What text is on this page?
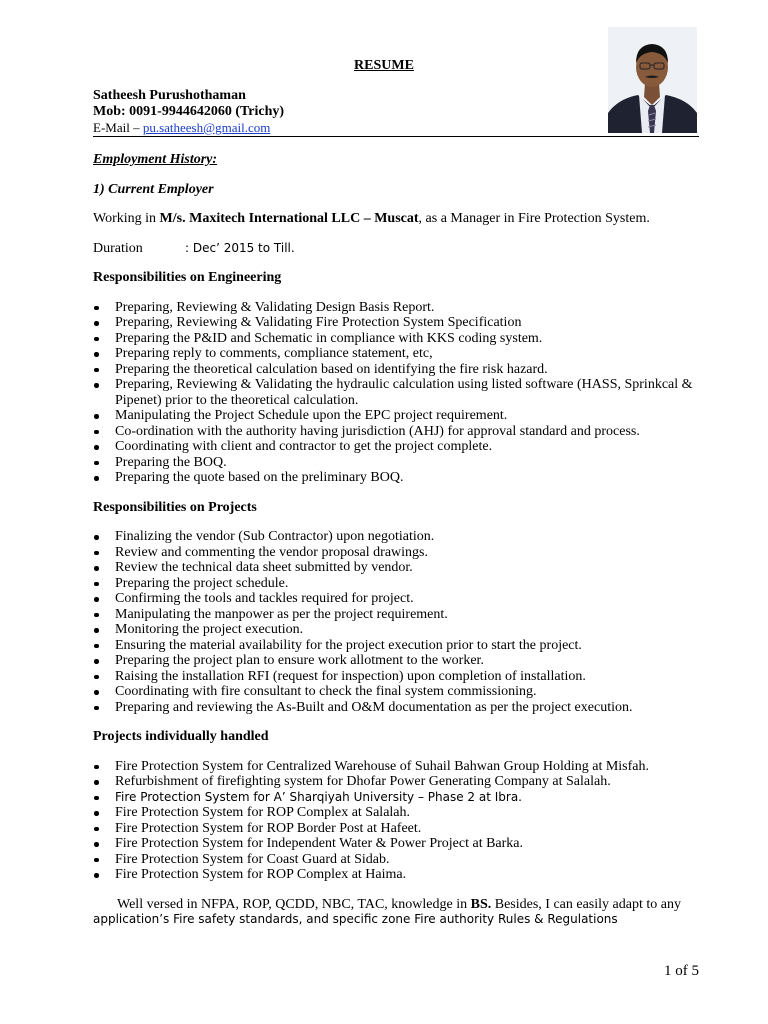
RESUME
Satheesh Purushothaman
Mob: 0091-9944642060 (Trichy)
E-Mail – pu.satheesh@gmail.com

Employment History:

1) Current Employer

Working in M/s. Maxitech International LLC – Muscat, as a Manager in Fire Protection System.

Duration	: Dec’ 2015 to Till.

Responsibilities on Engineering

Preparing, Reviewing & Validating Design Basis Report.
Preparing, Reviewing & Validating Fire Protection System Specification
Preparing the P&ID and Schematic in compliance with KKS coding system.
Preparing reply to comments, compliance statement, etc,
Preparing the theoretical calculation based on identifying the fire risk hazard.
Preparing, Reviewing & Validating the hydraulic calculation using listed software (HASS, Sprinkcal & Pipenet) prior to the theoretical calculation.
Manipulating the Project Schedule upon the EPC project requirement.
Co-ordination with the authority having jurisdiction (AHJ) for approval standard and process.
Coordinating with client and contractor to get the project complete.
Preparing the BOQ.
Preparing the quote based on the preliminary BOQ.

Responsibilities on Projects

Finalizing the vendor (Sub Contractor) upon negotiation.
Review and commenting the vendor proposal drawings.
Review the technical data sheet submitted by vendor.
Preparing the project schedule.
Confirming the tools and tackles required for project.
Manipulating the manpower as per the project requirement.
Monitoring the project execution.
Ensuring the material availability for the project execution prior to start the project.
Preparing the project plan to ensure work allotment to the worker.
Raising the installation RFI (request for inspection) upon completion of installation.
Coordinating with fire consultant to check the final system commissioning.
Preparing and reviewing the As-Built and O&M documentation as per the project execution.

Projects individually handled

Fire Protection System for Centralized Warehouse of Suhail Bahwan Group Holding at Misfah.
Refurbishment of firefighting system for Dhofar Power Generating Company at Salalah.
Fire Protection System for A’ Sharqiyah University – Phase 2 at Ibra.
Fire Protection System for ROP Complex at Salalah.
Fire Protection System for ROP Border Post at Hafeet.
Fire Protection System for Independent Water & Power Project at Barka.
Fire Protection System for Coast Guard at Sidab.
Fire Protection System for ROP Complex at Haima.

Well versed in NFPA, ROP, QCDD, NBC, TAC, knowledge in BS. Besides, I can easily adapt to any

application’s Fire safety standards, and specific zone Fire authority Rules & Regulations

1 of 5
